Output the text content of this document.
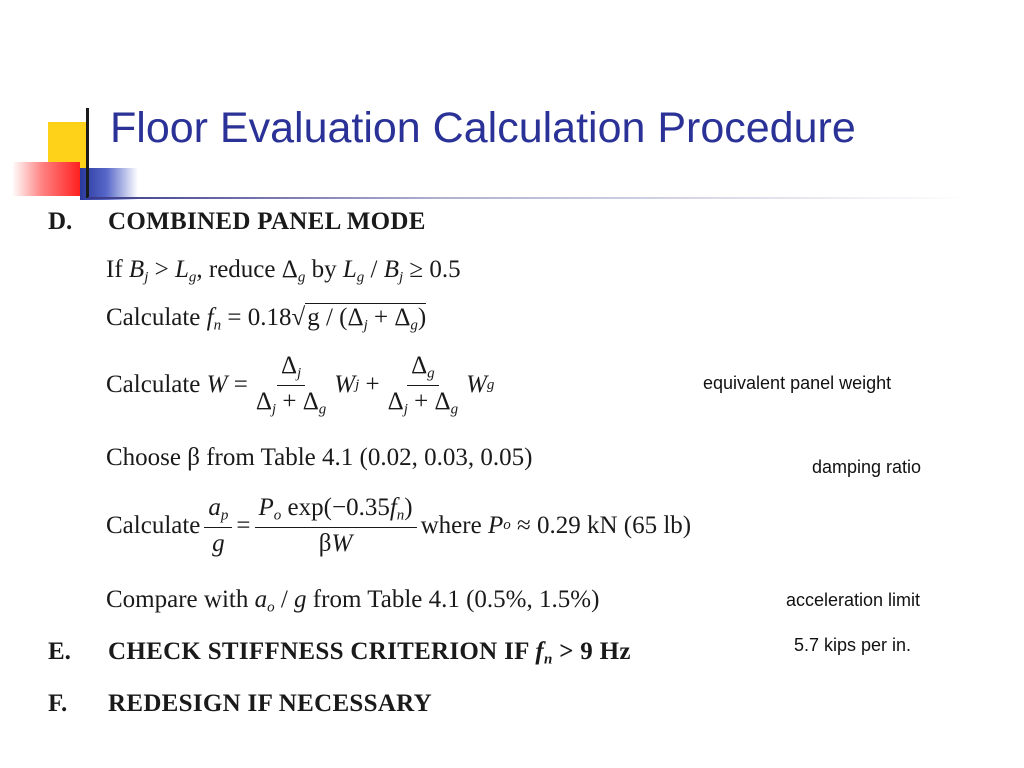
Floor Evaluation Calculation Procedure
D. COMBINED PANEL MODE
If $B_j > L_g$, reduce $\Delta_g$ by $L_g / B_j \ge 0.5$
Calculate $f_n = 0.18√g / (\Delta_j + \Delta_g)$
Calculate
$W = \frac{\Delta_j}{\Delta_j + \Delta_g}$ W $j + \frac{\Delta_g}{\Delta_j + \Delta_g}$ W g
Choose β from Table 4.1 (0.02, 0.03, 0.05)
Calculate $\frac{a_p}{g} = \frac{P_o \exp(-0.35f_n)}{\beta W}$ where
P o
≈ 0.29 kN (65 lb)
Compare with $a_o$ / g from Table 4.1 (0.5%, 1.5%)
E. CHECK STIFFNESS CRITERION IF $f_n > 9$ Hz
F. REDESIGN IF NECESSARY
equivalent panel weight
damping ratio
acceleration limit
5.7 kips per in.
